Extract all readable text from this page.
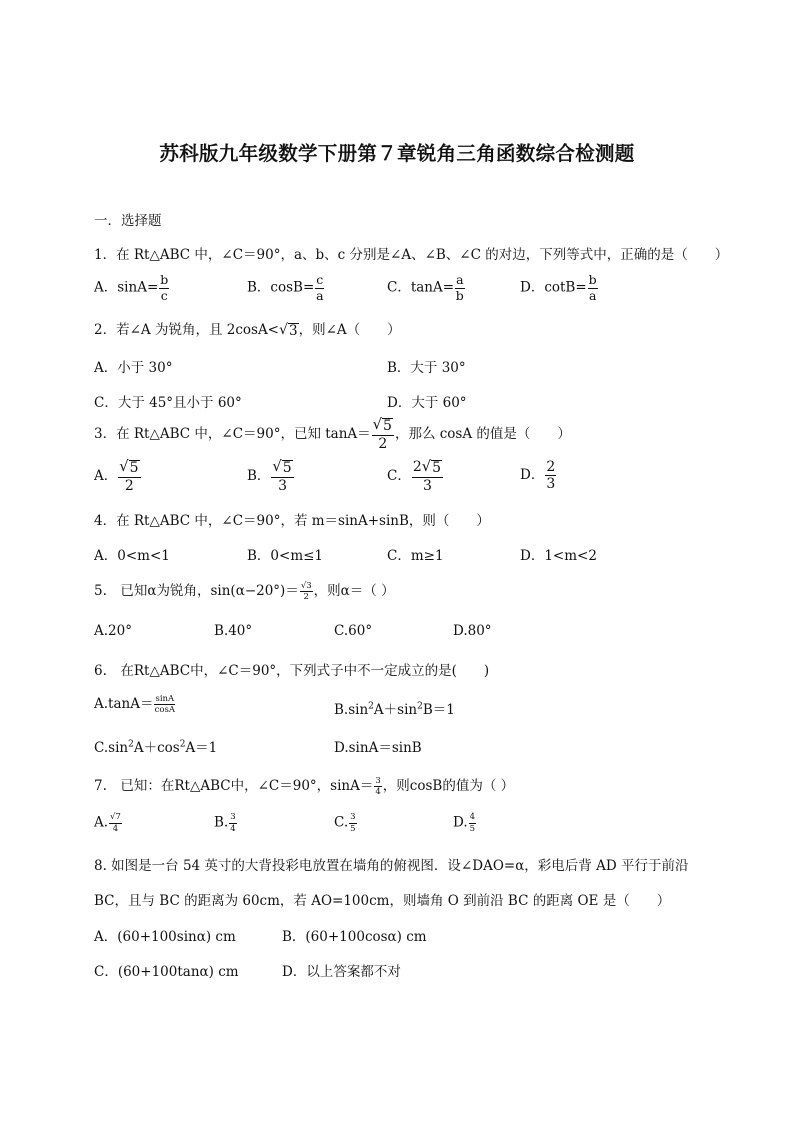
苏科版九年级数学下册第７章锐角三角函数综合检测题
一．选择题
1．在 Rt△ABC 中，∠C＝90°，a、b、c 分别是∠A、∠B、∠C 的对边，下列等式中，正确的是（　　）
A．$\sin A= \frac{b}{c}$	B．$\cos B= \frac{c}{a}$	C．$\tan A= \frac{a}{b}$	D．$\cot B= \frac{b}{a}$
2．若∠A 为锐角，且 2cosA< √ 3 ，则∠A（　　）
A．小于 30°	B．大于 30°
C．大于 45°且小于 60°	D．大于 60°
3．在 Rt△ABC 中，∠C＝90°，已知 $\tan A= \frac{√ 5}{2}$ ，那么 cosA 的值是（　　）
A． $\frac{√ 5}{2}$	B． $\frac{√ 5}{3}$	C． $\frac{2 √ 5}{3}$	D． $\frac{2}{3}$
4．在 Rt△ABC 中，∠C＝90°，若 m＝sinA+sinB，则（　　）
A．0<m<1	B．0<m≤1	C．m≥1	D．1<m<2
5.　已知α为锐角，$\sin(\alpha-20^\circ)= \frac{√3}{2}$ ，则α＝（ ）
A.20°	B.40°	C.60°	D.80°
6.　在Rt△ABC中，∠C＝90°，下列式子中不一定成立的是(　　)
$A.\tan A= \frac{\sin A}{\cos A}$	$B.\sin^2A+\sin^2B=1$
$C.\sin^2A+\cos^2A=1$	D.sinA＝sinB
7.　已知：在Rt△ABC中，∠C＝90°，$\sin A= \frac{3}{4}$ ，则cosB的值为（ ）
A. $\frac{√7}{4}$	B. $\frac{3}{4}$	C. $\frac{3}{5}$	D. $\frac{4}{5}$
8. 如图是一台 54 英寸的大背投彩电放置在墙角的俯视图．设∠DAO=α，彩电后背 AD 平行于前沿
BC，且与 BC 的距离为 60cm，若 AO=100cm，则墙角 O 到前沿 BC 的距离 OE 是（　　）
A．(60+100sinα) cm	B．(60+100cosα) cm
C．(60+100tanα) cm	D．以上答案都不对
